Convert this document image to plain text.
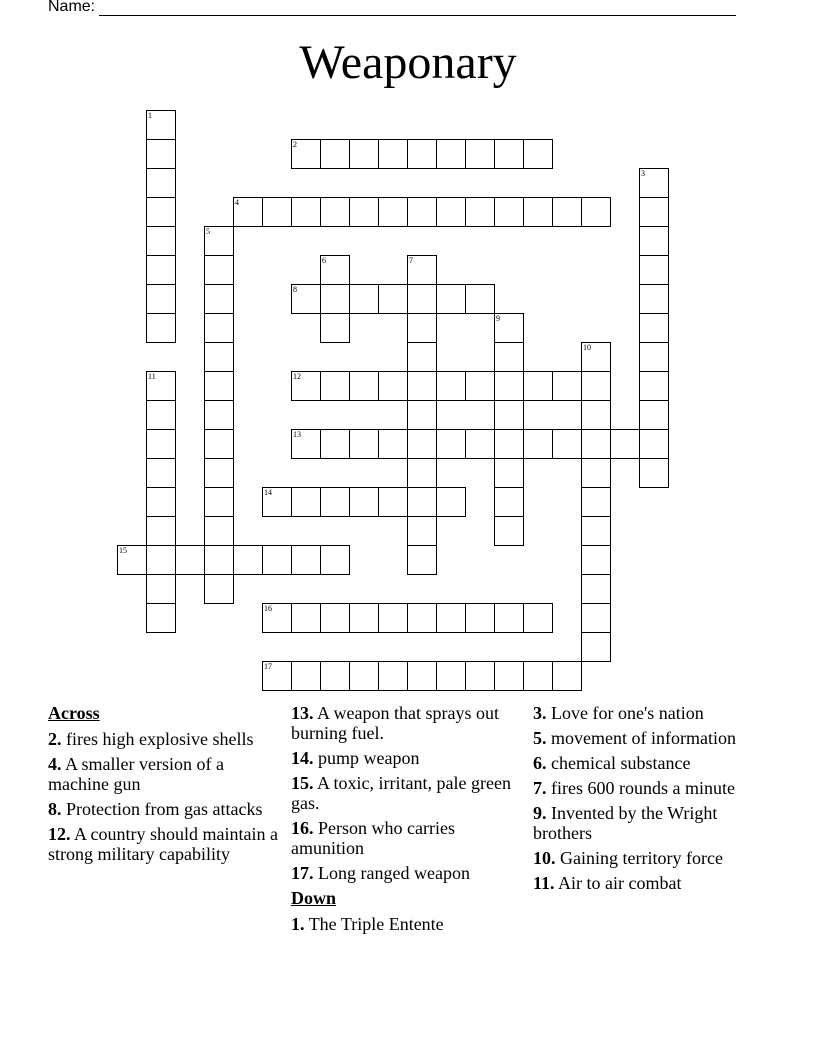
Name:
Weaponary
1
2
3
4
5
6	7
8
9
10
11	12
13
14
15
16
17
Across
2. fires high explosive shells
4. A smaller version of a machine gun
8. Protection from gas attacks
12. A country should maintain a strong military capability
13. A weapon that sprays out burning fuel.
14. pump weapon
15. A toxic, irritant, pale green gas.
16. Person who carries amunition
17. Long ranged weapon
Down
1. The Triple Entente
3. Love for one's nation
5. movement of information
6. chemical substance
7. fires 600 rounds a minute
9. Invented by the Wright brothers
10. Gaining territory force
11. Air to air combat
